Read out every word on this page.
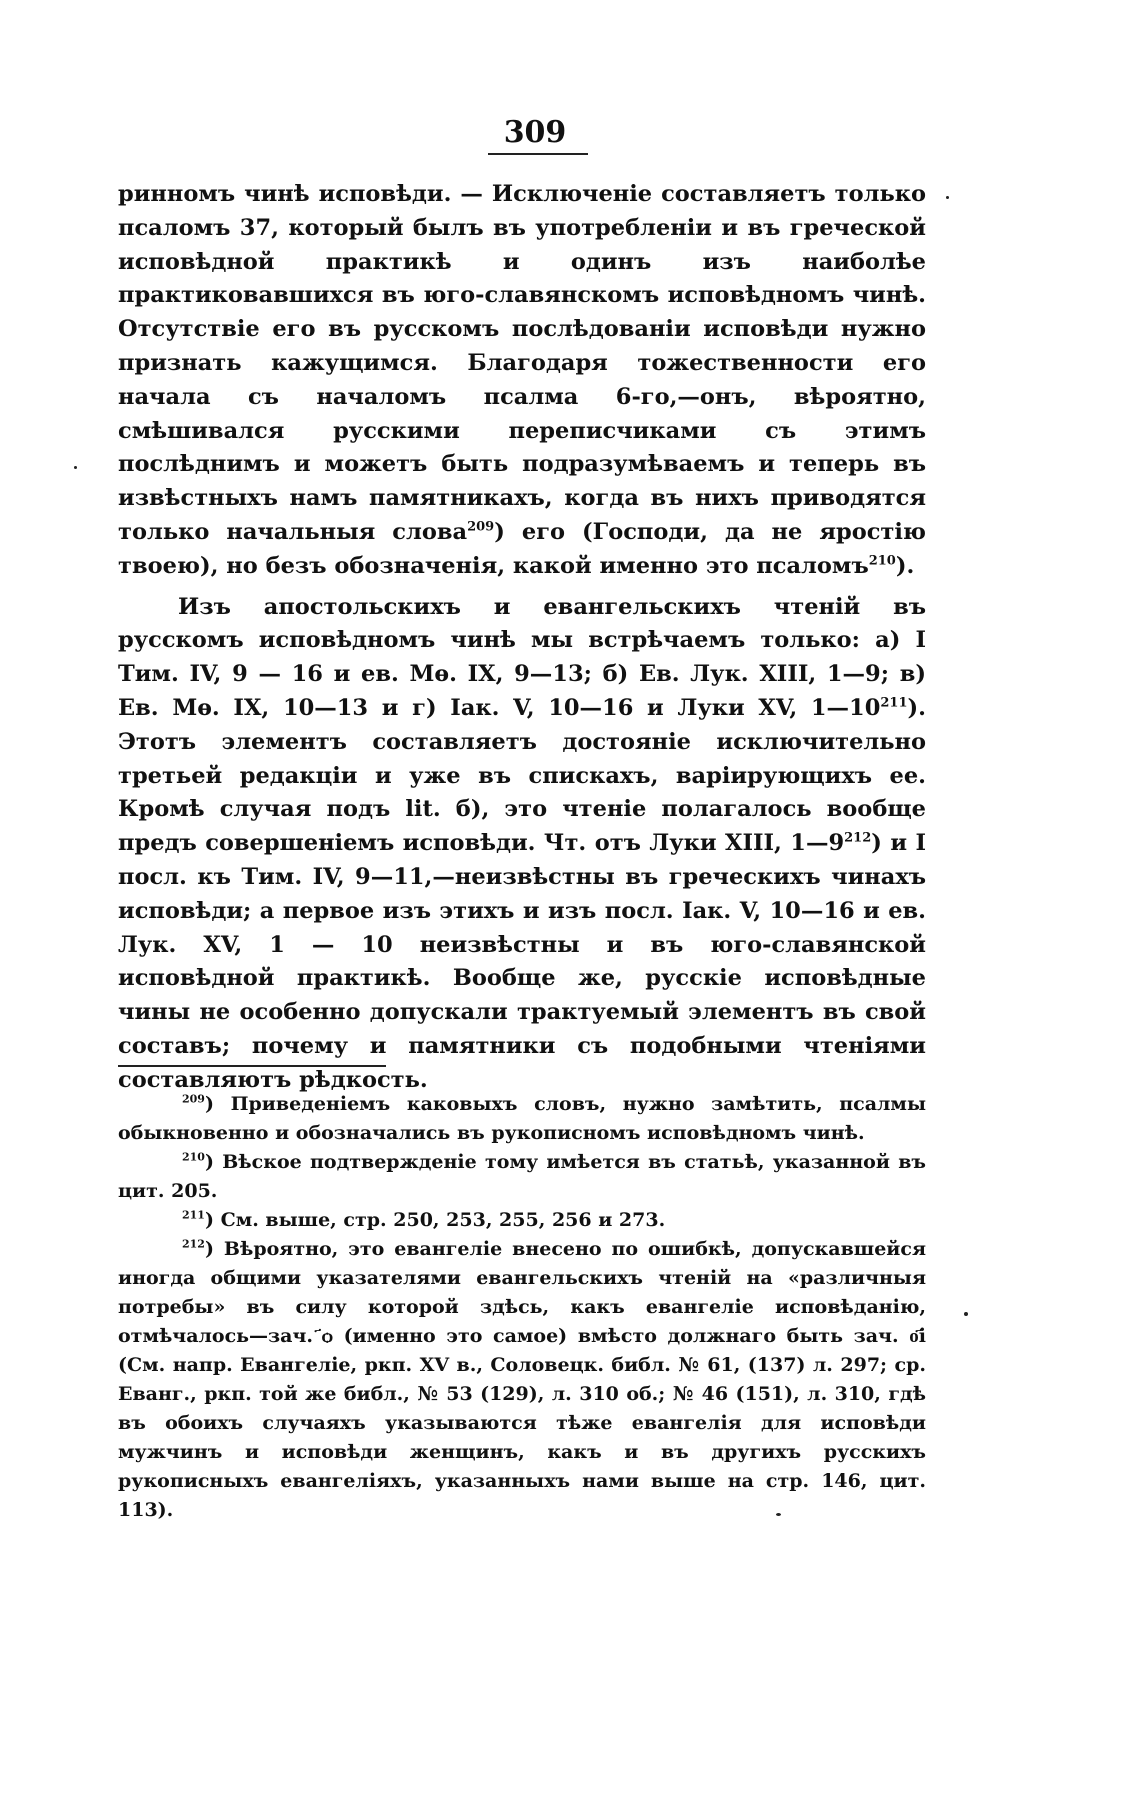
309

ринномъ чинѣ исповѣди. — Исключеніе составляетъ только псаломъ 37, который былъ въ употребленіи и въ греческой исповѣдной практикѣ и одинъ изъ наиболѣе практиковавшихся въ юго-славянскомъ исповѣдномъ чинѣ. Отсутствіе его въ русскомъ послѣдованіи исповѣди нужно признать кажущимся. Благодаря тожественности его начала съ началомъ псалма 6-го,—онъ, вѣроятно, смѣшивался русскими переписчиками съ этимъ послѣднимъ и можетъ быть подразумѣваемъ и теперь въ извѣстныхъ намъ памятникахъ, когда въ нихъ приводятся только начальныя слова$^{209}$) его (Господи, да не яростію твоею), но безъ обозначенія, какой именно это псаломъ$^{210}$).

Изъ апостольскихъ и евангельскихъ чтеній въ русскомъ исповѣдномъ чинѣ мы встрѣчаемъ только: а) I Тим. IV, 9 — 16 и ев. Мѳ. IX, 9—13; б) Ев. Лук. XIII, 1—9; в) Ев. Мѳ. IX, 10—13 и г) Іак. V, 10—16 и Луки XV, 1—10$^{211}$). Этотъ элементъ составляетъ достояніе исключительно третьей редакціи и уже въ спискахъ, варіирующихъ ее. Кромѣ случая подъ lit. б), это чтеніе полагалось вообще предъ совершеніемъ исповѣди. Чт. отъ Луки XIII, 1—9$^{212}$) и I посл. къ Тим. IV, 9—11,—неизвѣстны въ греческихъ чинахъ исповѣди; а первое изъ этихъ и изъ посл. Іак. V, 10—16 и ев. Лук. XV, 1 — 10 неизвѣстны и въ юго-славянской исповѣдной практикѣ. Вообще же, русскіе исповѣдные чины не особенно допускали трактуемый элементъ въ свой составъ; почему и памятники съ подобными чтеніями составляютъ рѣдкость.

$^{209}$) Приведеніемъ каковыхъ словъ, нужно замѣтить, псалмы обыкновенно и обозначались въ рукописномъ исповѣдномъ чинѣ.

$^{210}$) Вѣское подтвержденіе тому имѣется въ статьѣ, указанной въ цит. 205.

$^{211}$) См. выше, стр. 250, 253, 255, 256 и 273.

$^{212}$) Вѣроятно, это евангеліе внесено по ошибкѣ, допускавшейся иногда общими указателями евангельскихъ чтеній на «различныя потребы» въ силу которой здѣсь, какъ евангеліе исповѣданію, отмѣчалось—зач. ҃ѻ (именно это самое) вмѣсто должнаго быть зач. о҃і (См. напр. Евангеліе, ркп. XV в., Соловецк. библ. № 61, (137) л. 297; ср. Еванг., ркп. той же библ., № 53 (129), л. 310 об.; № 46 (151), л. 310, гдѣ въ обоихъ случаяхъ указываются тѣже евангелія для исповѣди мужчинъ и исповѣди женщинъ, какъ и въ другихъ русскихъ рукописныхъ евангеліяхъ, указанныхъ нами выше на стр. 146, цит. 113).
